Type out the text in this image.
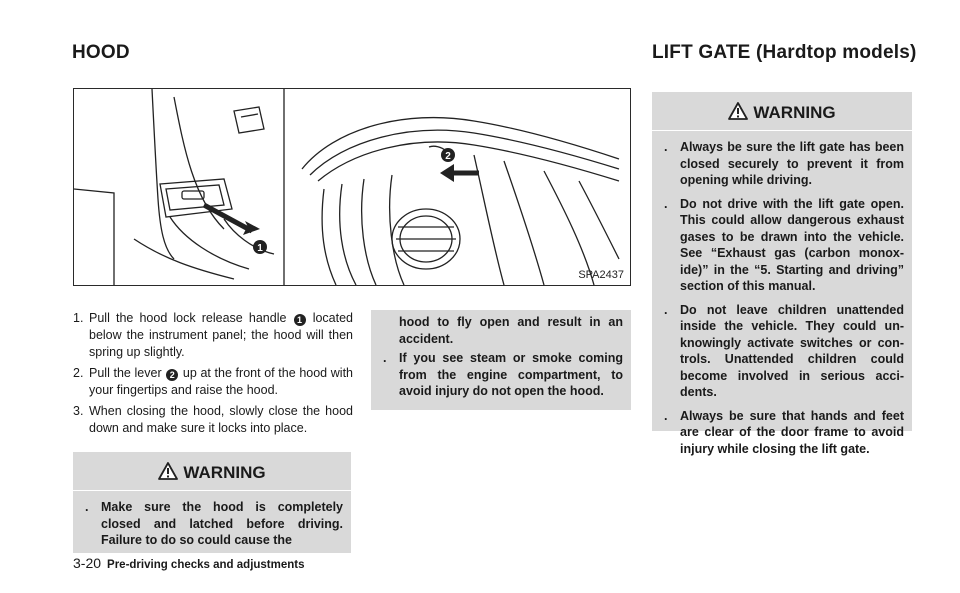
HOOD	LIFT GATE (Hardtop models)
1
2
SPA2437
1. Pull the hood lock release handle 1 located below the instrument panel; the hood will then spring up slightly.
2. Pull the lever 2 up at the front of the hood with your fingertips and raise the hood.
3. When closing the hood, slowly close the hood down and make sure it locks into place.
WARNING
. Make sure the hood is completely closed and latched before driving. Failure to do so could cause the
hood to fly open and result in an accident.
. If you see steam or smoke coming from the engine compartment, to avoid injury do not open the hood.
WARNING
. Always be sure the lift gate has been closed securely to prevent it from opening while driving.
. Do not drive with the lift gate open. This could allow dangerous exhaust gases to be drawn into the vehicle. See “Exhaust gas (carbon monox-ide)” in the “5. Starting and driving” section of this manual.
. Do not leave children unattended inside the vehicle. They could un-knowingly activate switches or con-trols. Unattended children could become involved in serious acci-dents.
. Always be sure that hands and feet are clear of the door frame to avoid injury while closing the lift gate.
3-20 Pre-driving checks and adjustments
